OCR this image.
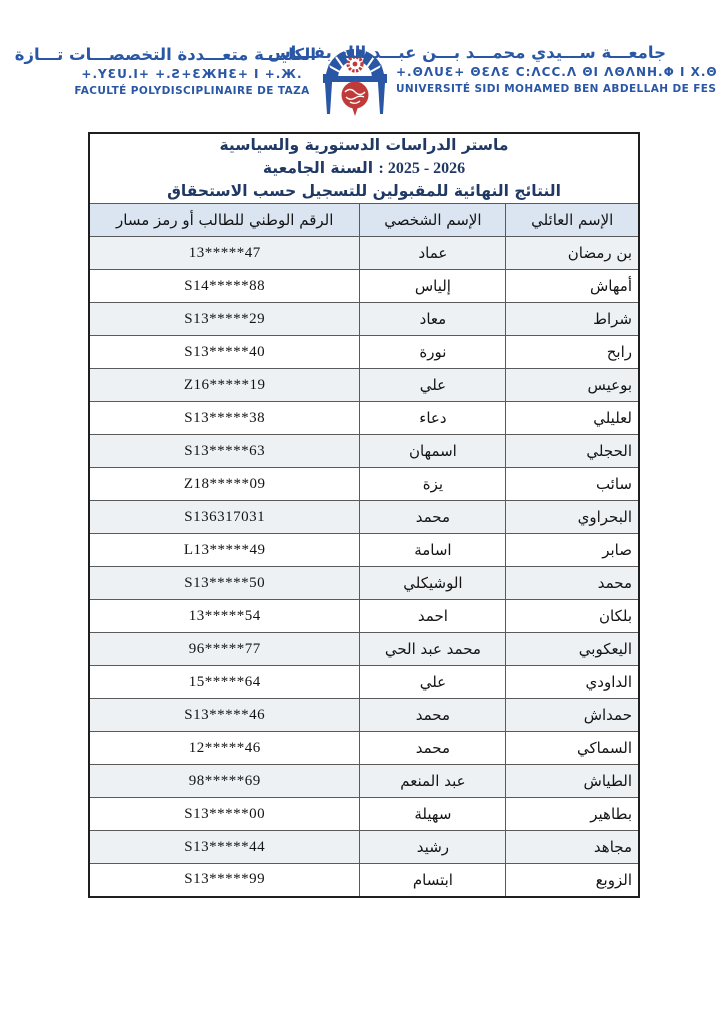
الكليـــة متعـــددة التخصصـــات تـــازة
+.YƐU.I+ +.Ƨ+ƐЖHƐ+ I +.Ж.
FACULTÉ POLYDISCIPLINAIRE DE TAZA
جامعـــة ســـيدي محمـــد بـــن عبـــد الله بفـــاس
+.ΘΛUƐ+ ΘƐΛƐ C:ΛCC.Λ ΘΙ ΛΘΛΝΗ.Φ I X.Θ
UNIVERSITÉ SIDI MOHAMED BEN ABDELLAH DE FES
ماستر الدراسات الدستورية والسياسية
السنة الجامعية : 2025 - 2026
النتائج النهائية للمقبولين للتسجيل حسب الاستحقاق		

الإسم العائلي	الإسم الشخصي	الرقم الوطني للطالب أو رمز مسار
بن رمضان	عماد	13*****47
أمهاش	إلياس	S14*****88
شراط	معاد	S13*****29
رابح	نورة	S13*****40
بوعيس	علي	Z16*****19
لعليلي	دعاء	S13*****38
الحجلي	اسمهان	S13*****63
سائب	يزة	Z18*****09
البحراوي	محمد	S136317031
صابر	اسامة	L13*****49
محمد	الوشيكلي	S13*****50
بلكان	احمد	13*****54
اليعكوبي	محمد عبد الحي	96*****77
الداودي	علي	15*****64
حمداش	محمد	S13*****46
السماكي	محمد	12*****46
الطياش	عبد المنعم	98*****69
بطاهير	سهيلة	S13*****00
مجاهد	رشيد	S13*****44
الزوبع	ابتسام	S13*****99
